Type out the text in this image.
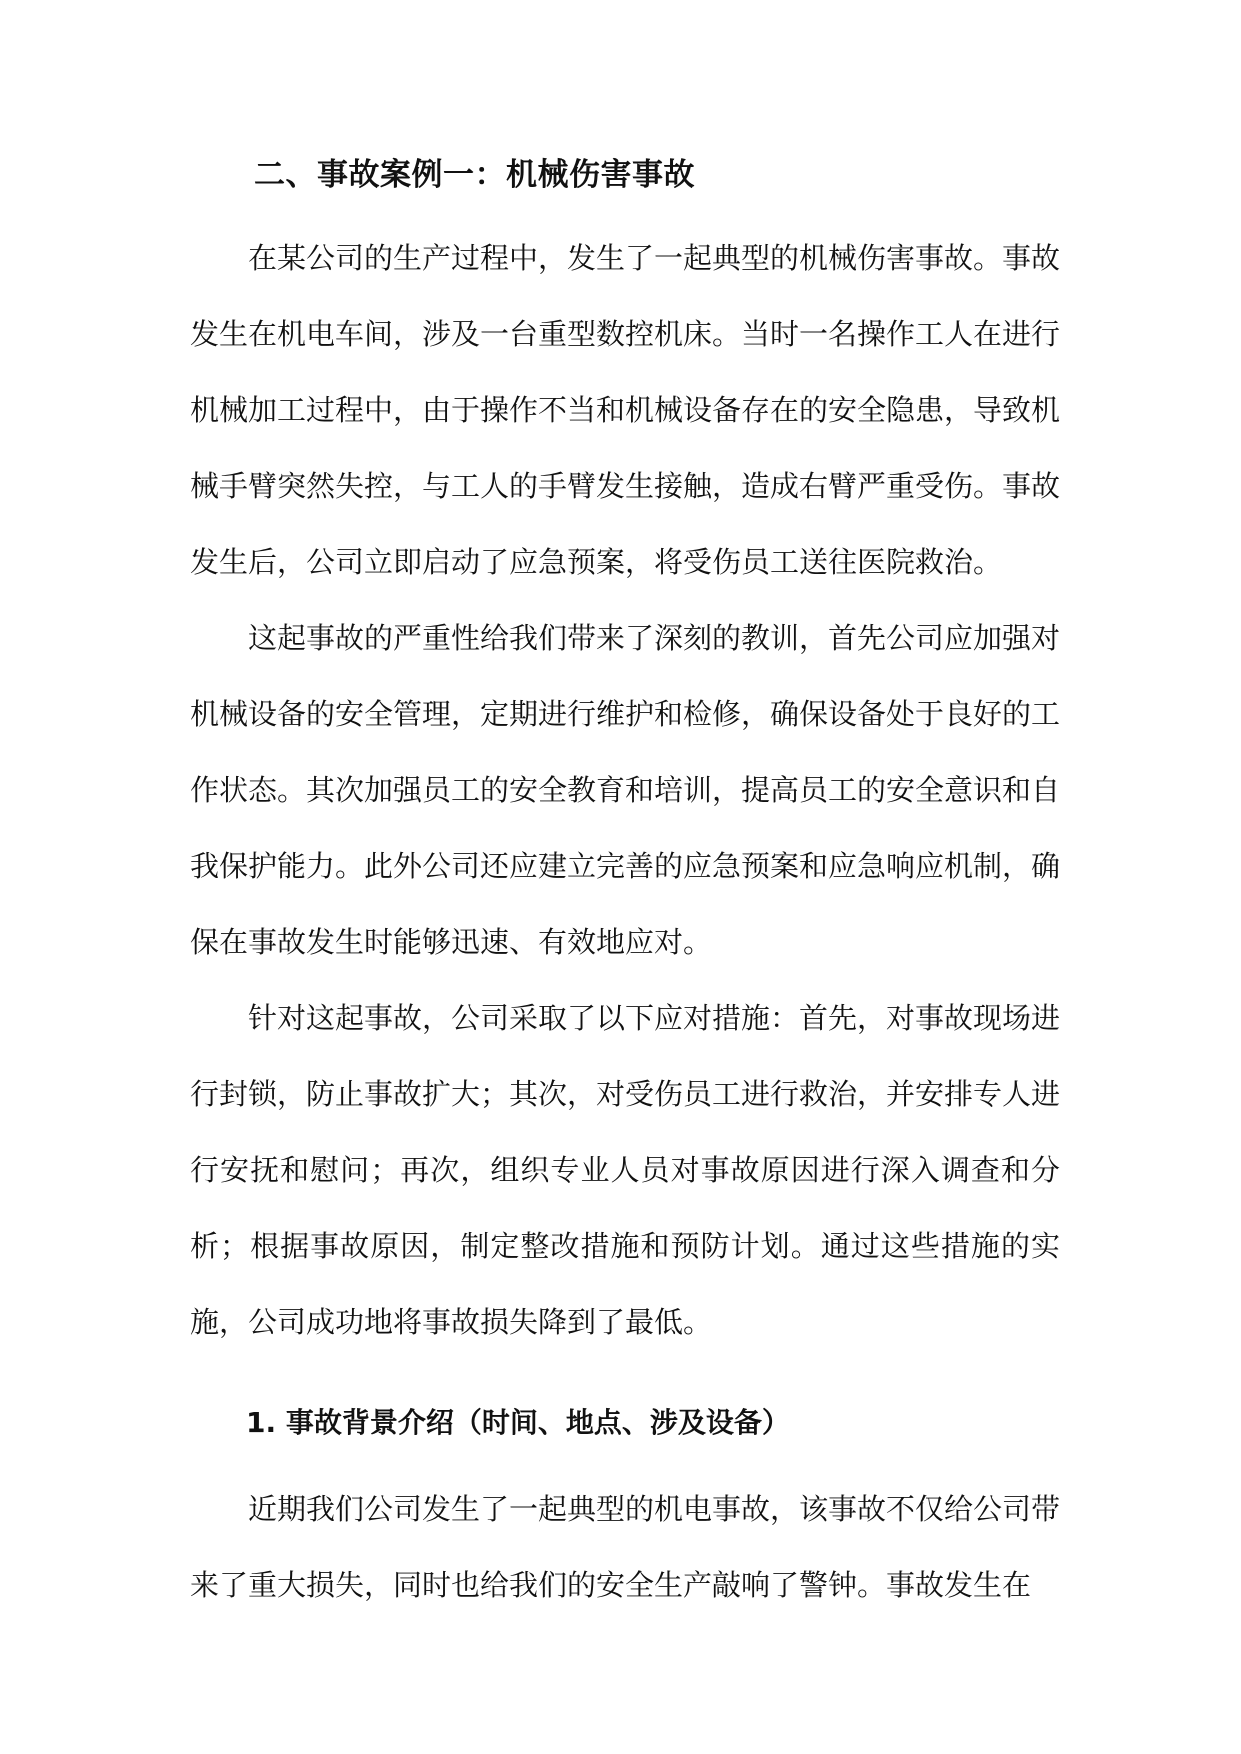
二、事故案例一：机械伤害事故

在某公司的生产过程中，发生了一起典型的机械伤害事故。事故发生在机电车间，涉及一台重型数控机床。当时一名操作工人在进行机械加工过程中，由于操作不当和机械设备存在的安全隐患，导致机械手臂突然失控，与工人的手臂发生接触，造成右臂严重受伤。事故发生后，公司立即启动了应急预案，将受伤员工送往医院救治。

这起事故的严重性给我们带来了深刻的教训，首先公司应加强对机械设备的安全管理，定期进行维护和检修，确保设备处于良好的工作状态。其次加强员工的安全教育和培训，提高员工的安全意识和自我保护能力。此外公司还应建立完善的应急预案和应急响应机制，确保在事故发生时能够迅速、有效地应对。

针对这起事故，公司采取了以下应对措施：首先，对事故现场进行封锁，防止事故扩大；其次，对受伤员工进行救治，并安排专人进行安抚和慰问；再次，组织专业人员对事故原因进行深入调查和分析；根据事故原因，制定整改措施和预防计划。通过这些措施的实施，公司成功地将事故损失降到了最低。

1. 事故背景介绍（时间、地点、涉及设备）

近期我们公司发生了一起典型的机电事故，该事故不仅给公司带来了重大损失，同时也给我们的安全生产敲响了警钟。事故发生在
